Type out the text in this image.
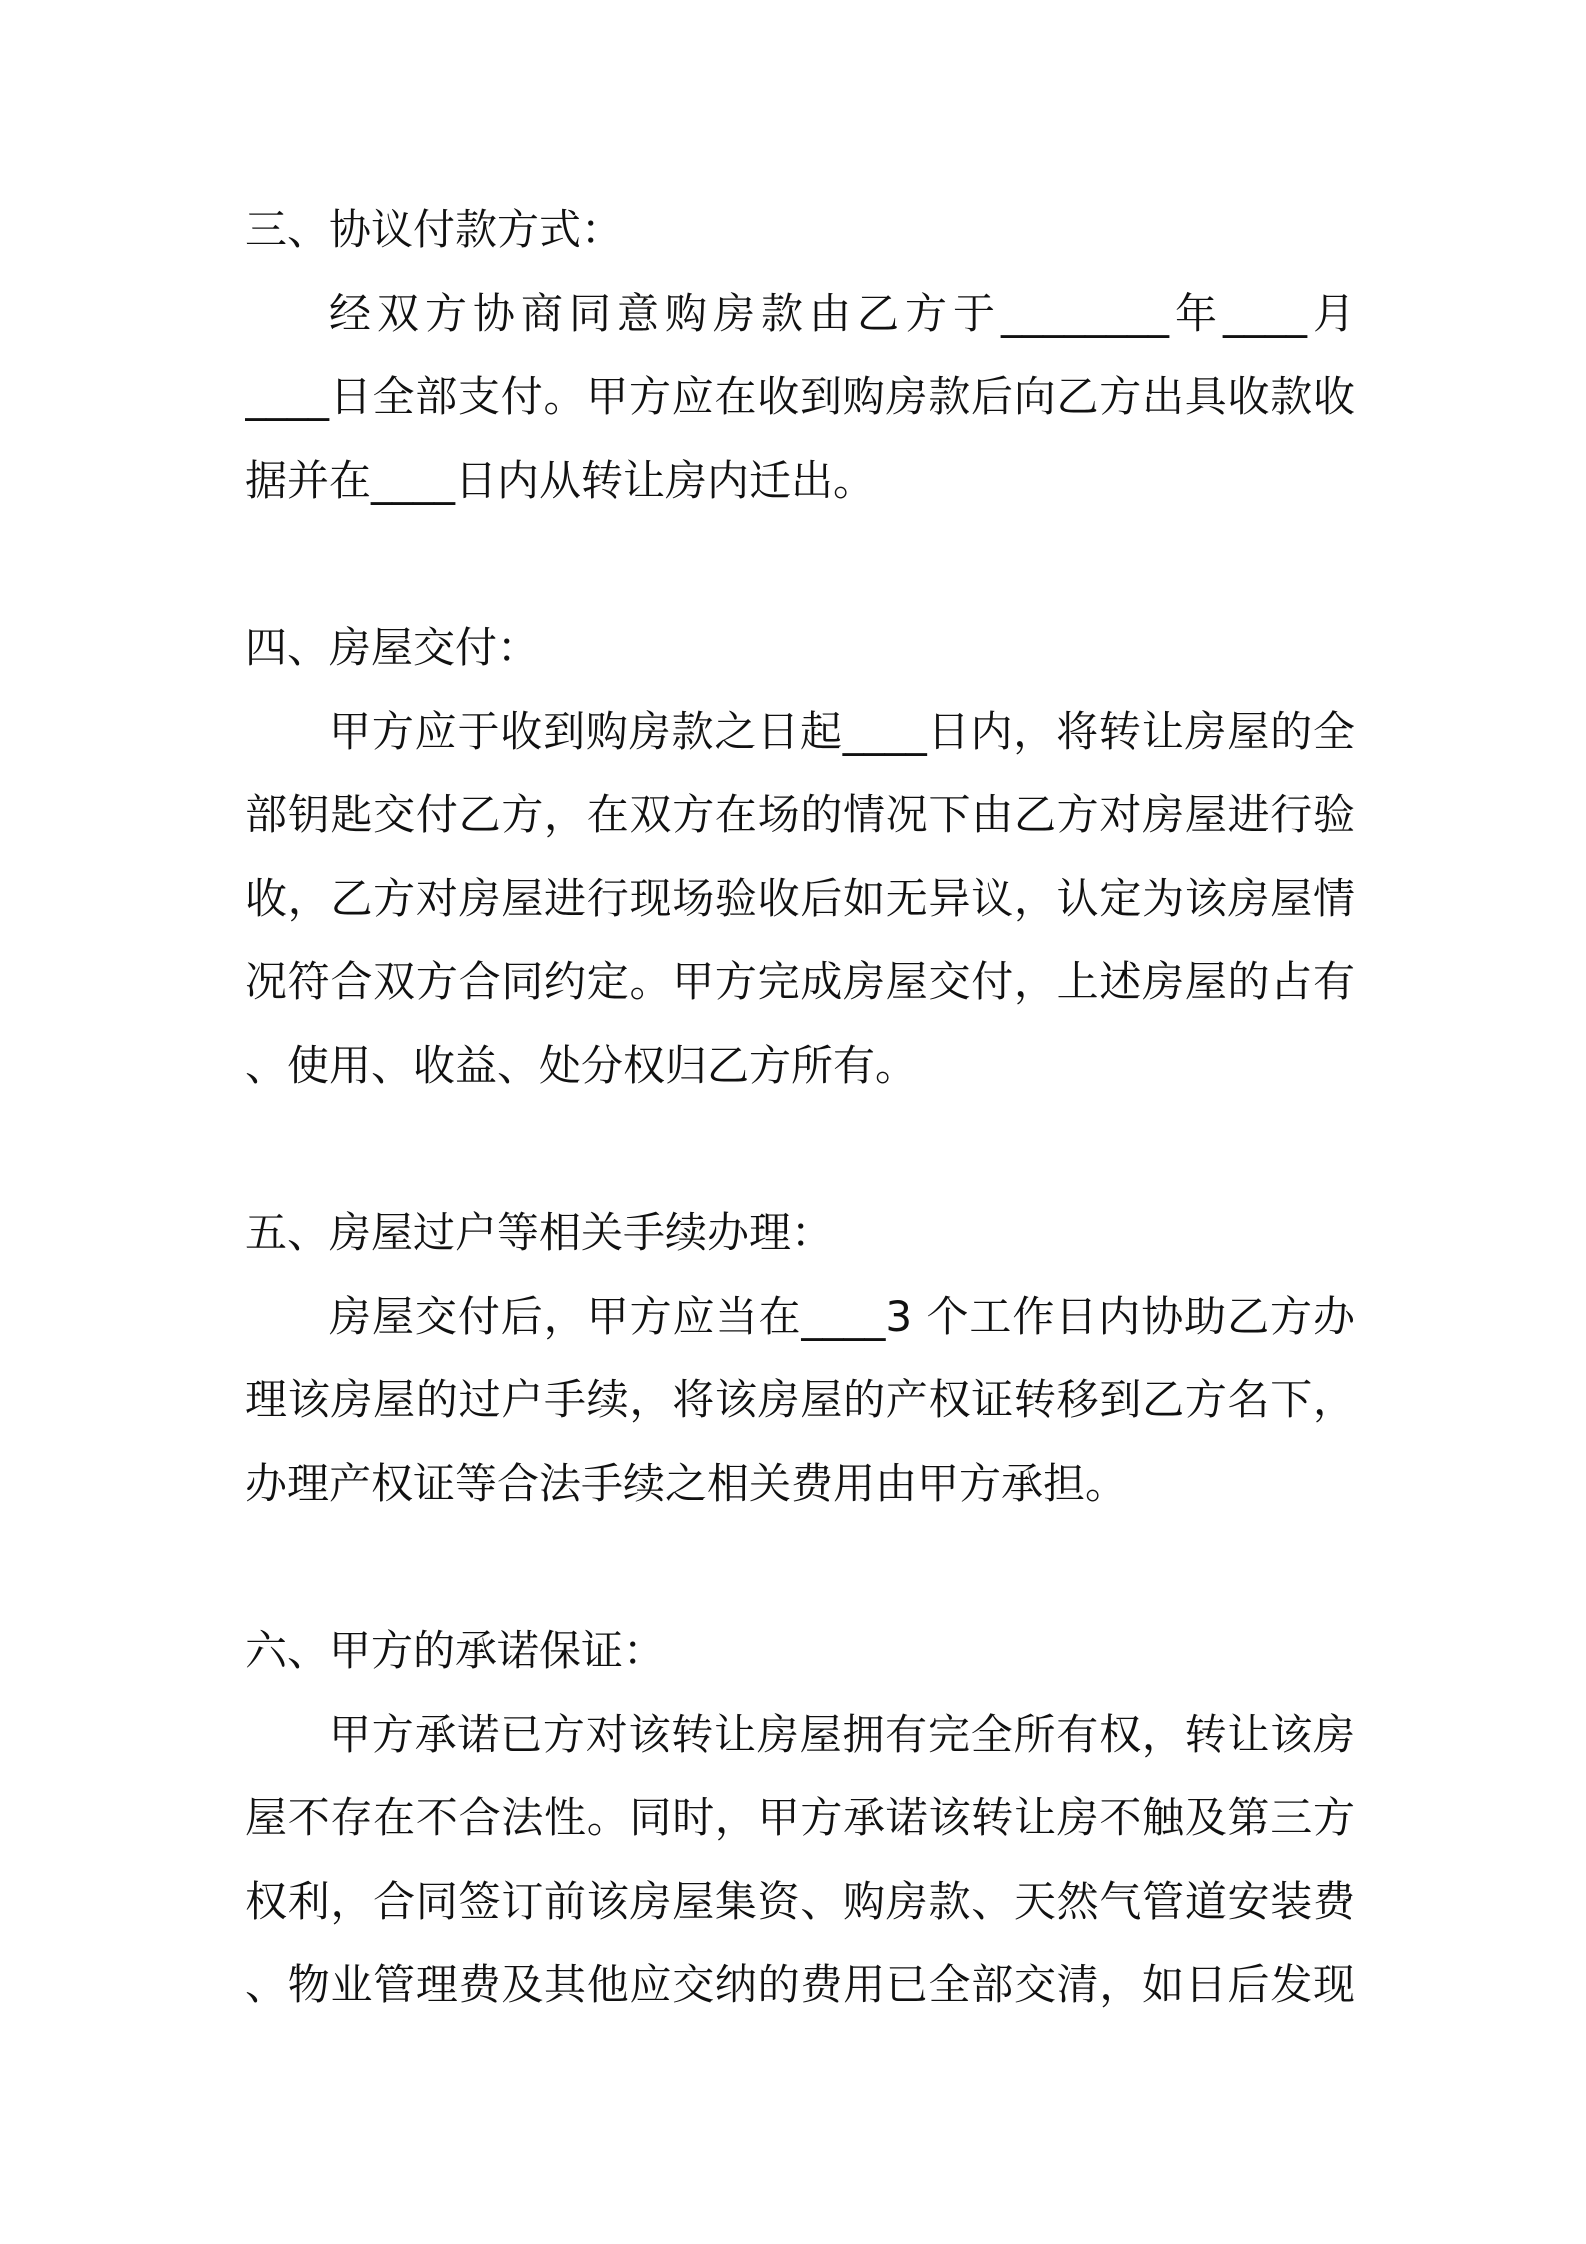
三、协议付款方式：
经双方协商同意购房款由乙方于________年____月
____日全部支付。甲方应在收到购房款后向乙方出具收款收
据并在____日内从转让房内迁出。
四、房屋交付：
甲方应于收到购房款之日起____日内，将转让房屋的全
部钥匙交付乙方，在双方在场的情况下由乙方对房屋进行验
收，乙方对房屋进行现场验收后如无异议，认定为该房屋情
况符合双方合同约定。甲方完成房屋交付，上述房屋的占有
、使用、收益、处分权归乙方所有。
五、房屋过户等相关手续办理：
房屋交付后，甲方应当在____3 个工作日内协助乙方办
理该房屋的过户手续，将该房屋的产权证转移到乙方名下，
办理产权证等合法手续之相关费用由甲方承担。
六、甲方的承诺保证：
甲方承诺已方对该转让房屋拥有完全所有权，转让该房
屋不存在不合法性。同时，甲方承诺该转让房不触及第三方
权利，合同签订前该房屋集资、购房款、天然气管道安装费
、物业管理费及其他应交纳的费用已全部交清，如日后发现
